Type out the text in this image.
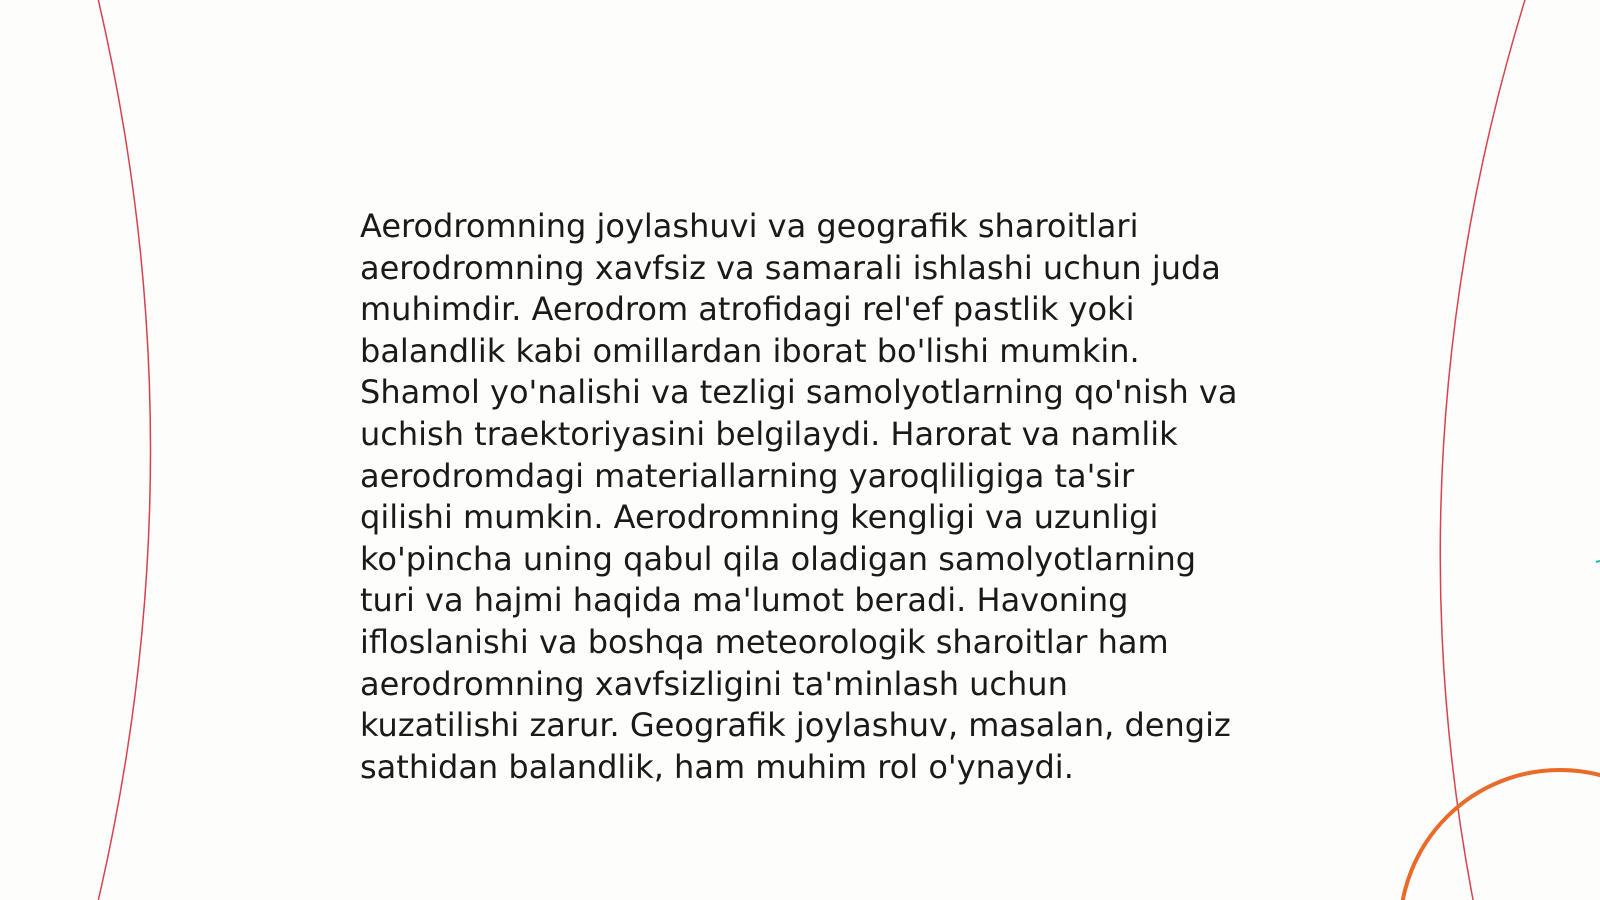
Aerodromning joylashuvi va geografik sharoitlari
aerodromning xavfsiz va samarali ishlashi uchun juda
muhimdir. Aerodrom atrofidagi rel'ef pastlik yoki
balandlik kabi omillardan iborat bo'lishi mumkin.
Shamol yo'nalishi va tezligi samolyotlarning qo'nish va
uchish traektoriyasini belgilaydi. Harorat va namlik
aerodromdagi materiallarning yaroqliligiga ta'sir
qilishi mumkin. Aerodromning kengligi va uzunligi
ko'pincha uning qabul qila oladigan samolyotlarning
turi va hajmi haqida ma'lumot beradi. Havoning
ifloslanishi va boshqa meteorologik sharoitlar ham
aerodromning xavfsizligini ta'minlash uchun
kuzatilishi zarur. Geografik joylashuv, masalan, dengiz
sathidan balandlik, ham muhim rol o'ynaydi.
